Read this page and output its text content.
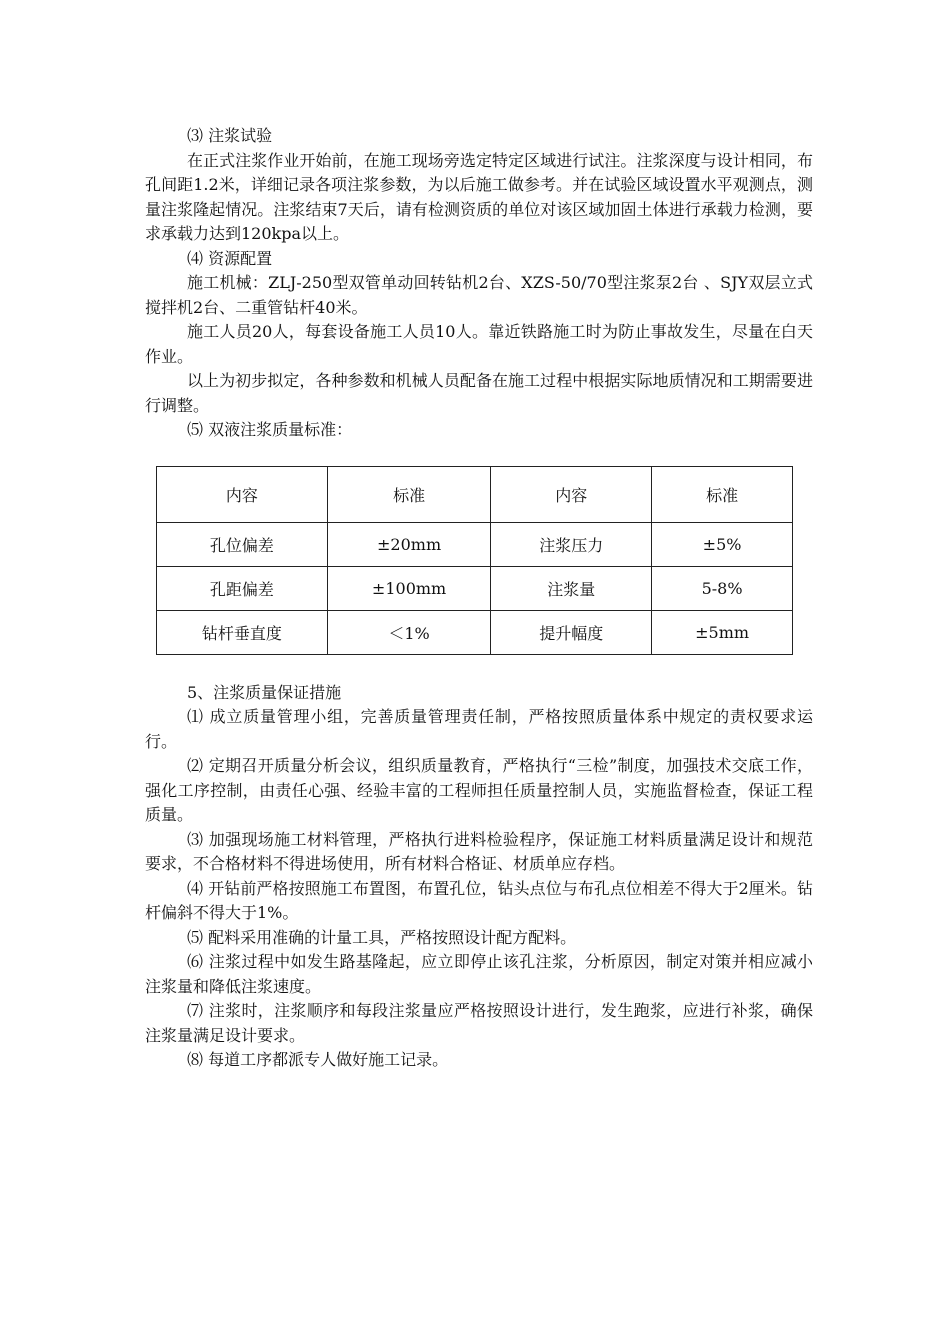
⑶ 注浆试验

在正式注浆作业开始前，在施工现场旁选定特定区域进行试注。注浆深度与设计相同，布孔间距1.2米，详细记录各项注浆参数，为以后施工做参考。并在试验区域设置水平观测点，测量注浆隆起情况。注浆结束7天后，请有检测资质的单位对该区域加固土体进行承载力检测，要求承载力达到120kpa以上。

⑷ 资源配置

施工机械：ZLJ-250型双管单动回转钻机2台、XZS-50/70型注浆泵2台 、SJY双层立式搅拌机2台、二重管钻杆40米。

施工人员20人，每套设备施工人员10人。靠近铁路施工时为防止事故发生，尽量在白天作业。

以上为初步拟定，各种参数和机械人员配备在施工过程中根据实际地质情况和工期需要进行调整。

⑸ 双液注浆质量标准：

内容	标准	内容	标准
孔位偏差	±20mm	注浆压力	±5%
孔距偏差	±100mm	注浆量	5-8%
钻杆垂直度	＜1%	提升幅度	±5mm

5、注浆质量保证措施

⑴ 成立质量管理小组，完善质量管理责任制，严格按照质量体系中规定的责权要求运行。

⑵ 定期召开质量分析会议，组织质量教育，严格执行“三检”制度，加强技术交底工作，强化工序控制，由责任心强、经验丰富的工程师担任质量控制人员，实施监督检查，保证工程质量。

⑶ 加强现场施工材料管理，严格执行进料检验程序，保证施工材料质量满足设计和规范要求，不合格材料不得进场使用，所有材料合格证、材质单应存档。

⑷ 开钻前严格按照施工布置图，布置孔位，钻头点位与布孔点位相差不得大于2厘米。钻杆偏斜不得大于1%。

⑸ 配料采用准确的计量工具，严格按照设计配方配料。

⑹ 注浆过程中如发生路基隆起，应立即停止该孔注浆，分析原因，制定对策并相应减小注浆量和降低注浆速度。

⑺ 注浆时，注浆顺序和每段注浆量应严格按照设计进行，发生跑浆，应进行补浆，确保注浆量满足设计要求。

⑻ 每道工序都派专人做好施工记录。
